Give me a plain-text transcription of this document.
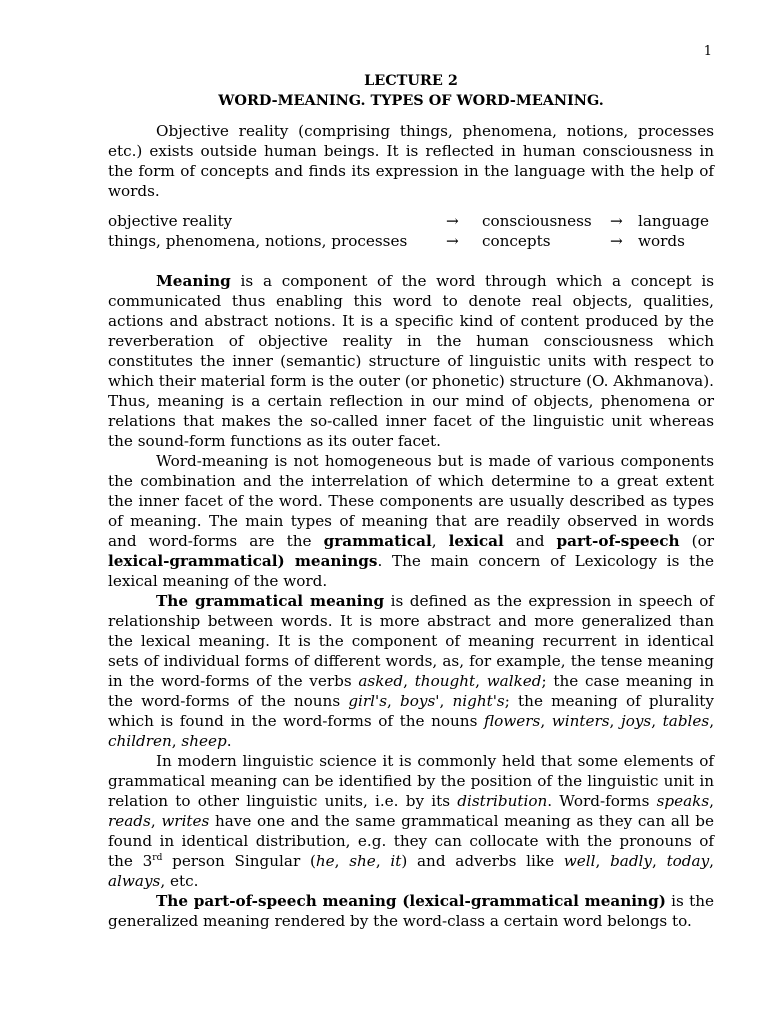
1
LECTURE 2
WORD-MEANING. TYPES OF WORD-MEANING.

Objective reality (comprising things, phenomena, notions, processes etc.) exists outside human beings. It is reflected in human consciousness in the form of concepts and finds its expression in the language with the help of words.

objective reality	→ consciousness → language
things, phenomena, notions, processes	→ concepts	→ words

Meaning is a component of the word through which a concept is communicated thus enabling this word to denote real objects, qualities, actions and abstract notions. It is a specific kind of content produced by the reverberation of objective reality in the human consciousness which constitutes the inner (semantic) structure of linguistic units with respect to which their material form is the outer (or phonetic) structure (O. Akhmanova). Thus, meaning is a certain reflection in our mind of objects, phenomena or relations that makes the so-called inner facet of the linguistic unit whereas the sound-form functions as its outer facet.

Word-meaning is not homogeneous but is made of various components the combination and the interrelation of which determine to a great extent the inner facet of the word. These components are usually described as types of meaning. The main types of meaning that are readily observed in words and word-forms are the grammatical, lexical and part-of-speech (or lexical-grammatical) meanings. The main concern of Lexicology is the lexical meaning of the word.

The grammatical meaning is defined as the expression in speech of relationship between words. It is more abstract and more generalized than the lexical meaning. It is the component of meaning recurrent in identical sets of individual forms of different words, as, for example, the tense meaning in the word-forms of the verbs asked, thought, walked; the case meaning in the word-forms of the nouns girl's, boys', night's; the meaning of plurality which is found in the word-forms of the nouns flowers, winters, joys, tables, children, sheep.

In modern linguistic science it is commonly held that some elements of grammatical meaning can be identified by the position of the linguistic unit in relation to other linguistic units, i.e. by its distribution. Word-forms speaks, reads, writes have one and the same grammatical meaning as they can all be found in identical distribution, e.g. they can collocate with the pronouns of the 3rd person Singular (he, she, it) and adverbs like well, badly, today, always, etc.

The part-of-speech meaning (lexical-grammatical meaning) is the generalized meaning rendered by the word-class a certain word belongs to.
